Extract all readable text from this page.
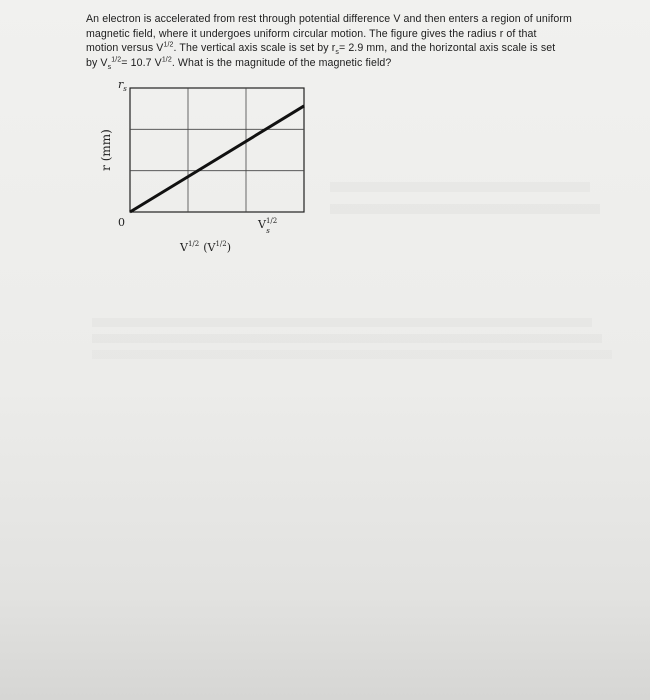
An electron is accelerated from rest through potential difference V and then enters a region of uniform
magnetic field, where it undergoes uniform circular motion. The figure gives the radius r of that
motion versus $V^{1/2}$. The vertical axis scale is set by $r_s= 2.9$ mm, and the horizontal axis scale is set
by $V_s^{1/2}= 10.7$ $V^{1/2}$. What is the magnitude of the magnetic field?
r (mm)
$r_s$
0	$V^{1/2}$ s
$V^{1/2}$ $(V^{1/2})$
